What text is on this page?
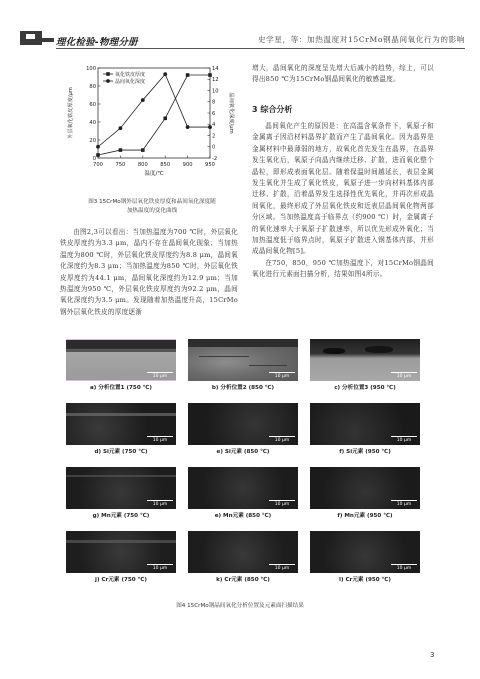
理化检验-物理分册	史学星，等：加热温度对15CrMo钢晶间氧化行为的影响
700 750 800 850 900 950
0
20
40
60
80
100
-2
0
2
4
6
8
10
12
14
温度/℃
外层氧化铁皮厚度/μm	晶间氧化深度/μm
氧化铁皮厚度
晶间氧化深度
图3 15CrMo钢外层氧化铁皮厚度和晶间氧化深度随
加热温度的变化曲线

由图2,3可以看出：当加热温度为700 ℃时，外层氧化铁皮厚度约为3.3 μm，晶内不存在晶间氧化现象；当加热温度为800 ℃时，外层氧化铁皮厚度约为8.8 μm，晶间氧化深度约为8.3 μm；当加热温度为850 ℃时，外层氧化铁皮厚度约为44.1 μm，晶间氧化深度约为12.9 μm；当加热温度为950 ℃，外层氧化铁皮厚度约为92.2 μm，晶间氧化深度约为3.5 μm。发现随着加热温度升高，15CrMo钢外层氧化铁皮的厚度逐渐

增大，晶间氧化的深度呈先增大后减小的趋势，综上，可以得出850 ℃为15CrMo钢晶间氧化的敏感温度。

3 综合分析

晶间氧化产生的原因是：在高温含氧条件下，氧原子和金属离子因沿材料晶界扩散而产生了晶间氧化。因为晶界是金属材料中最薄弱的地方，故氧化首先发生在晶界，在晶界发生氧化后，氧原子向晶内继续迁移、扩散，进而氧化整个晶粒，即形成表面氧化层。随着保温时间越延长，表层金属发生氧化并生成了氧化铁皮，氧原子进一步向材料基体内部迁移、扩散，沿着晶界发生选择性优先氧化，并再次形成晶间氧化，最终形成了外层氧化铁皮和近表层晶间氧化物两部分区域。当加热温度高于临界点（约900 ℃）时，金属离子的氧化速率大于氧原子扩散速率，所以优先形成外氧化；当加热温度低于临界点时，氧原子扩散进入钢基体内部，并形成晶间氧化物[5]。

在750，850，950 ℃加热温度下，对15CrMo钢晶间氧化进行元素面扫描分析，结果如图4所示。

10 μm
a) 分析位置1 (750 ℃)
10 μm
b) 分析位置2 (850 ℃)
10 μm
c) 分析位置3 (950 ℃)
10 μm
d) Si元素 (750 ℃)
10 μm
e) Si元素 (850 ℃)
10 μm
f) Si元素 (950 ℃)
10 μm
g) Mn元素 (750 ℃)
10 μm
e) Mn元素 (850 ℃)
10 μm
f) Mn元素 (950 ℃)
10 μm
j) Cr元素 (750 ℃)
10 μm
k) Cr元素 (850 ℃)
10 μm
l) Cr元素 (950 ℃)
图4 15CrMo钢晶间氧化分析位置及元素面扫描结果
3
